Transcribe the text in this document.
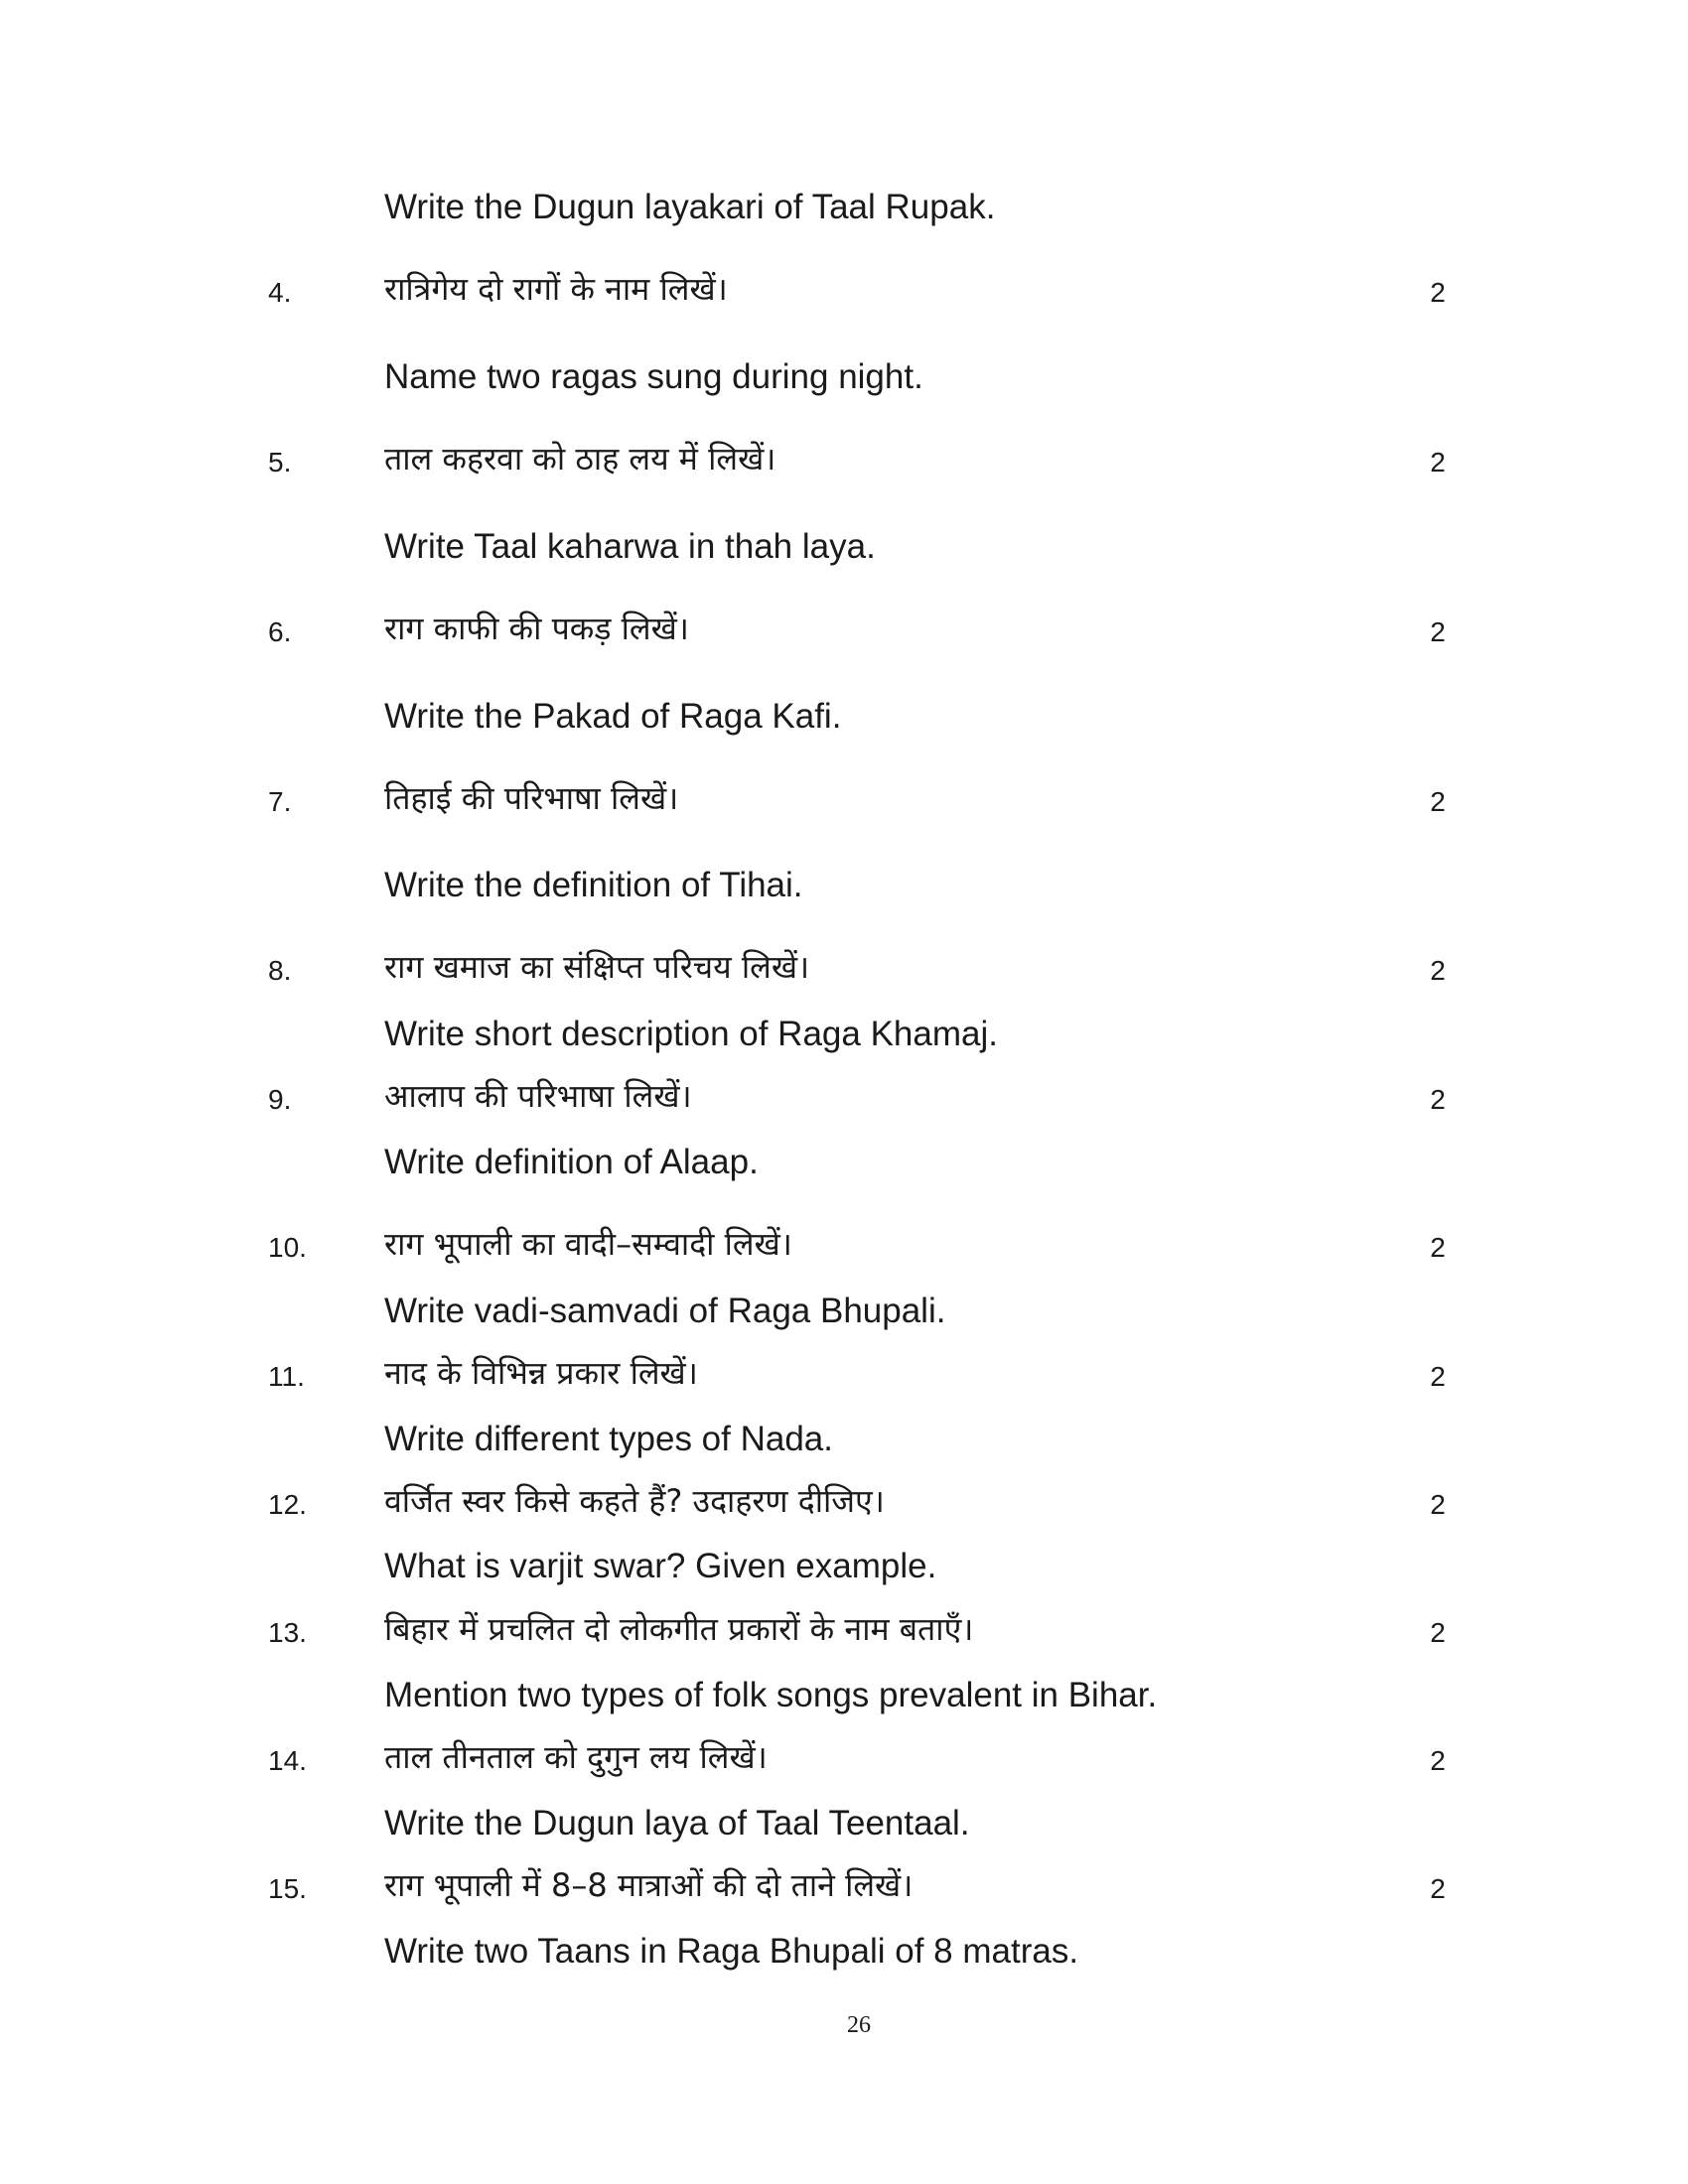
Write the Dugun layakari of Taal Rupak.
4.	रात्रिगेय दो रागों के नाम लिखें।	2
Name two ragas sung during night.
5.	ताल कहरवा को ठाह लय में लिखें।	2
Write Taal kaharwa in thah laya.
6.	राग काफी की पकड़ लिखें।	2
Write the Pakad of Raga Kafi.
7.	तिहाई की परिभाषा लिखें।	2
Write the definition of Tihai.
8.	राग खमाज का संक्षिप्त परिचय लिखें।	2
Write short description of Raga Khamaj.
9.	आलाप की परिभाषा लिखें।	2
Write definition of Alaap.
10. राग भूपाली का वादी–सम्वादी लिखें।	2
Write vadi-samvadi of Raga Bhupali.
11.	नाद के विभिन्न प्रकार लिखें।	2
Write different types of Nada.
12. वर्जित स्वर किसे कहते हैं? उदाहरण दीजिए।	2
What is varjit swar? Given example.
13. बिहार में प्रचलित दो लोकगीत प्रकारों के नाम बताएँ।	2
Mention two types of folk songs prevalent in Bihar.
14. ताल तीनताल को दुगुन लय लिखें।	2
Write the Dugun laya of Taal Teentaal.
15. राग भूपाली में 8–8 मात्राओं की दो ताने लिखें।	2
Write two Taans in Raga Bhupali of 8 matras.
26
